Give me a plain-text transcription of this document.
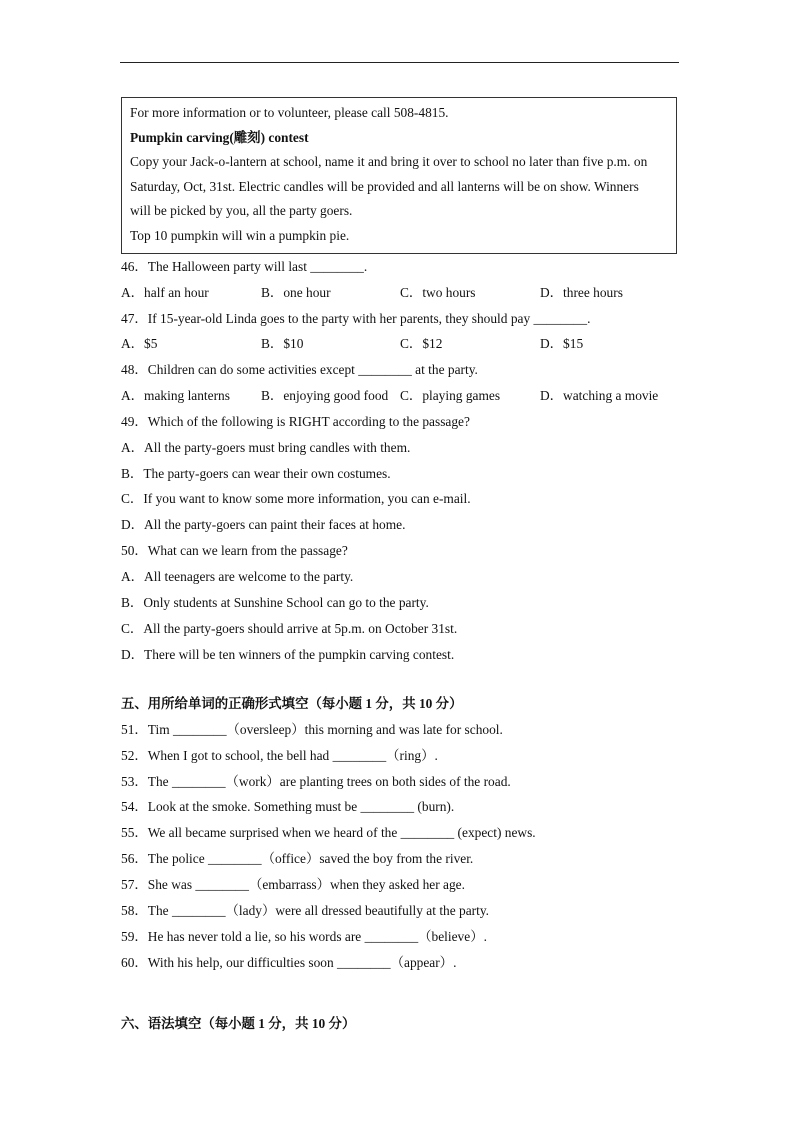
For more information or to volunteer, please call 508-4815.
Pumpkin carving(雕刻) contest
Copy your Jack-o-lantern at school, name it and bring it over to school no later than five p.m. on
Saturday, Oct, 31st. Electric candles will be provided and all lanterns will be on show. Winners
will be picked by you, all the party goers.
Top 10 pumpkin will win a pumpkin pie.
46．The Halloween party will last ________.
A．half an hour	B．one hour	C．two hours	D．three hours
47．If 15-year-old Linda goes to the party with her parents, they should pay ________.
A．$5	B．$10	C．$12	D．$15
48．Children can do some activities except ________ at the party.
A．making lanterns B．enjoying good food C．playing games	D．watching a movie
49．Which of the following is RIGHT according to the passage?
A．All the party-goers must bring candles with them.
B．The party-goers can wear their own costumes.
C．If you want to know some more information, you can e-mail.
D．All the party-goers can paint their faces at home.
50．What can we learn from the passage?
A．All teenagers are welcome to the party.
B．Only students at Sunshine School can go to the party.
C．All the party-goers should arrive at 5p.m. on October 31st.
D．There will be ten winners of the pumpkin carving contest.
五、用所给单词的正确形式填空（每小题 1 分，共 10 分）
51．Tim ________（oversleep）this morning and was late for school.
52．When I got to school, the bell had ________（ring）.
53．The ________（work）are planting trees on both sides of the road.
54．Look at the smoke. Something must be ________ (burn).
55．We all became surprised when we heard of the ________ (expect) news.
56．The police ________（office）saved the boy from the river.
57．She was ________（embarrass）when they asked her age.
58．The ________（lady）were all dressed beautifully at the party.
59．He has never told a lie, so his words are ________（believe）.
60．With his help, our difficulties soon ________（appear）.
六、语法填空（每小题 1 分，共 10 分）
